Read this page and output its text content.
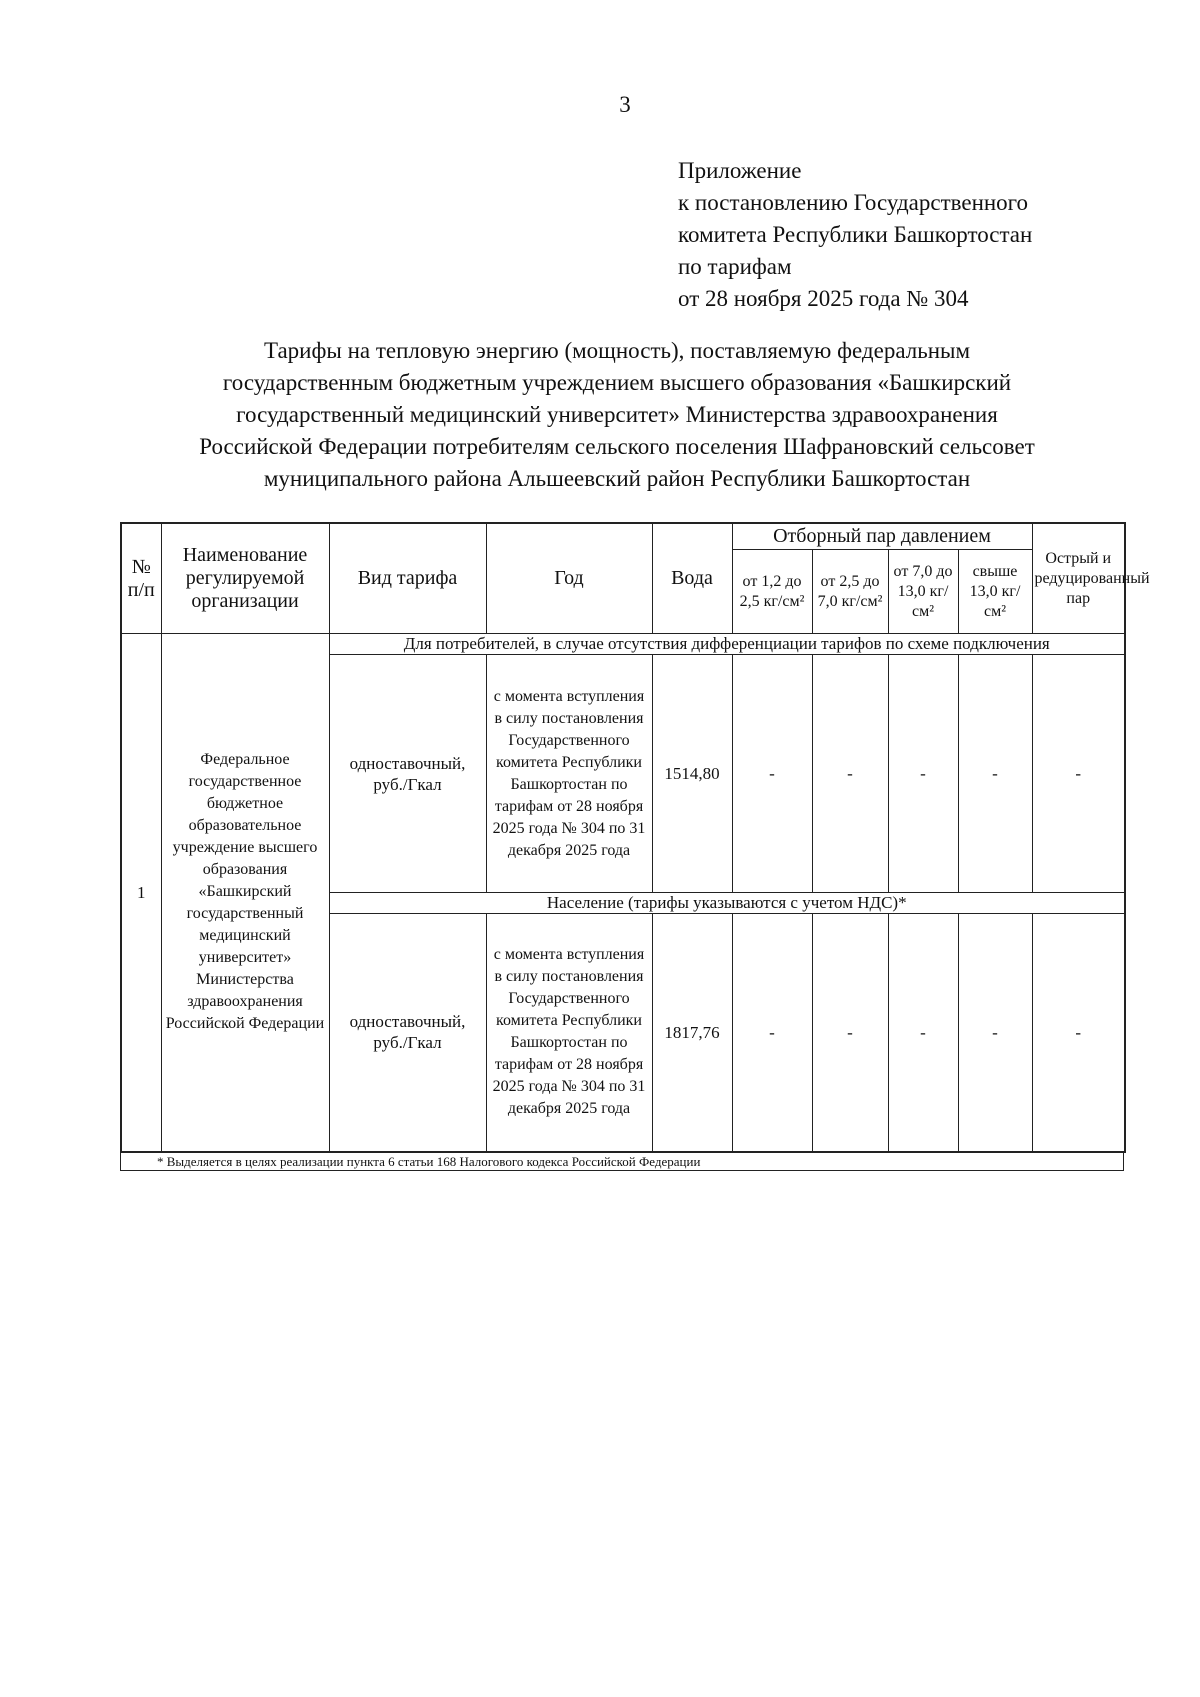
3
Приложение
к постановлению Государственного
комитета Республики Башкортостан
по тарифам
от 28 ноября 2025 года № 304
Тарифы на тепловую энергию (мощность), поставляемую федеральным
государственным бюджетным учреждением высшего образования «Башкирский
государственный медицинский университет» Министерства здравоохранения
Российской Федерации потребителям сельского поселения Шафрановский сельсовет
муниципального района Альшеевский район Республики Башкортостан
№ п/п	Наименование регулируемой организации	Вид тарифа	Год	Вода	Отборный пар давлением				Острый и редуцированный пар
					от 1,2 до 2,5 кг/см²	от 2,5 до 7,0 кг/см²	от 7,0 до 13,0 кг/см²	свыше 13,0 кг/см²	
1	Федеральное государственное бюджетное образовательное учреждение высшего образования «Башкирский государственный медицинский университет» Министерства здравоохранения Российской Федерации	Для потребителей, в случае отсутствия дифференциации тарифов по схеме подключения							
		одноставочный, руб./Гкал	с момента вступления в силу постановления Государственного комитета Республики Башкортостан по тарифам от 28 ноября 2025 года № 304 по 31 декабря 2025 года	1514,80	-	-	-	-	-
		Население (тарифы указываются с учетом НДС)*							
		одноставочный, руб./Гкал	с момента вступления в силу постановления Государственного комитета Республики Башкортостан по тарифам от 28 ноября 2025 года № 304 по 31 декабря 2025 года	1817,76	-	-	-	-	-
* Выделяется в целях реализации пункта 6 статьи 168 Налогового кодекса Российской Федерации
